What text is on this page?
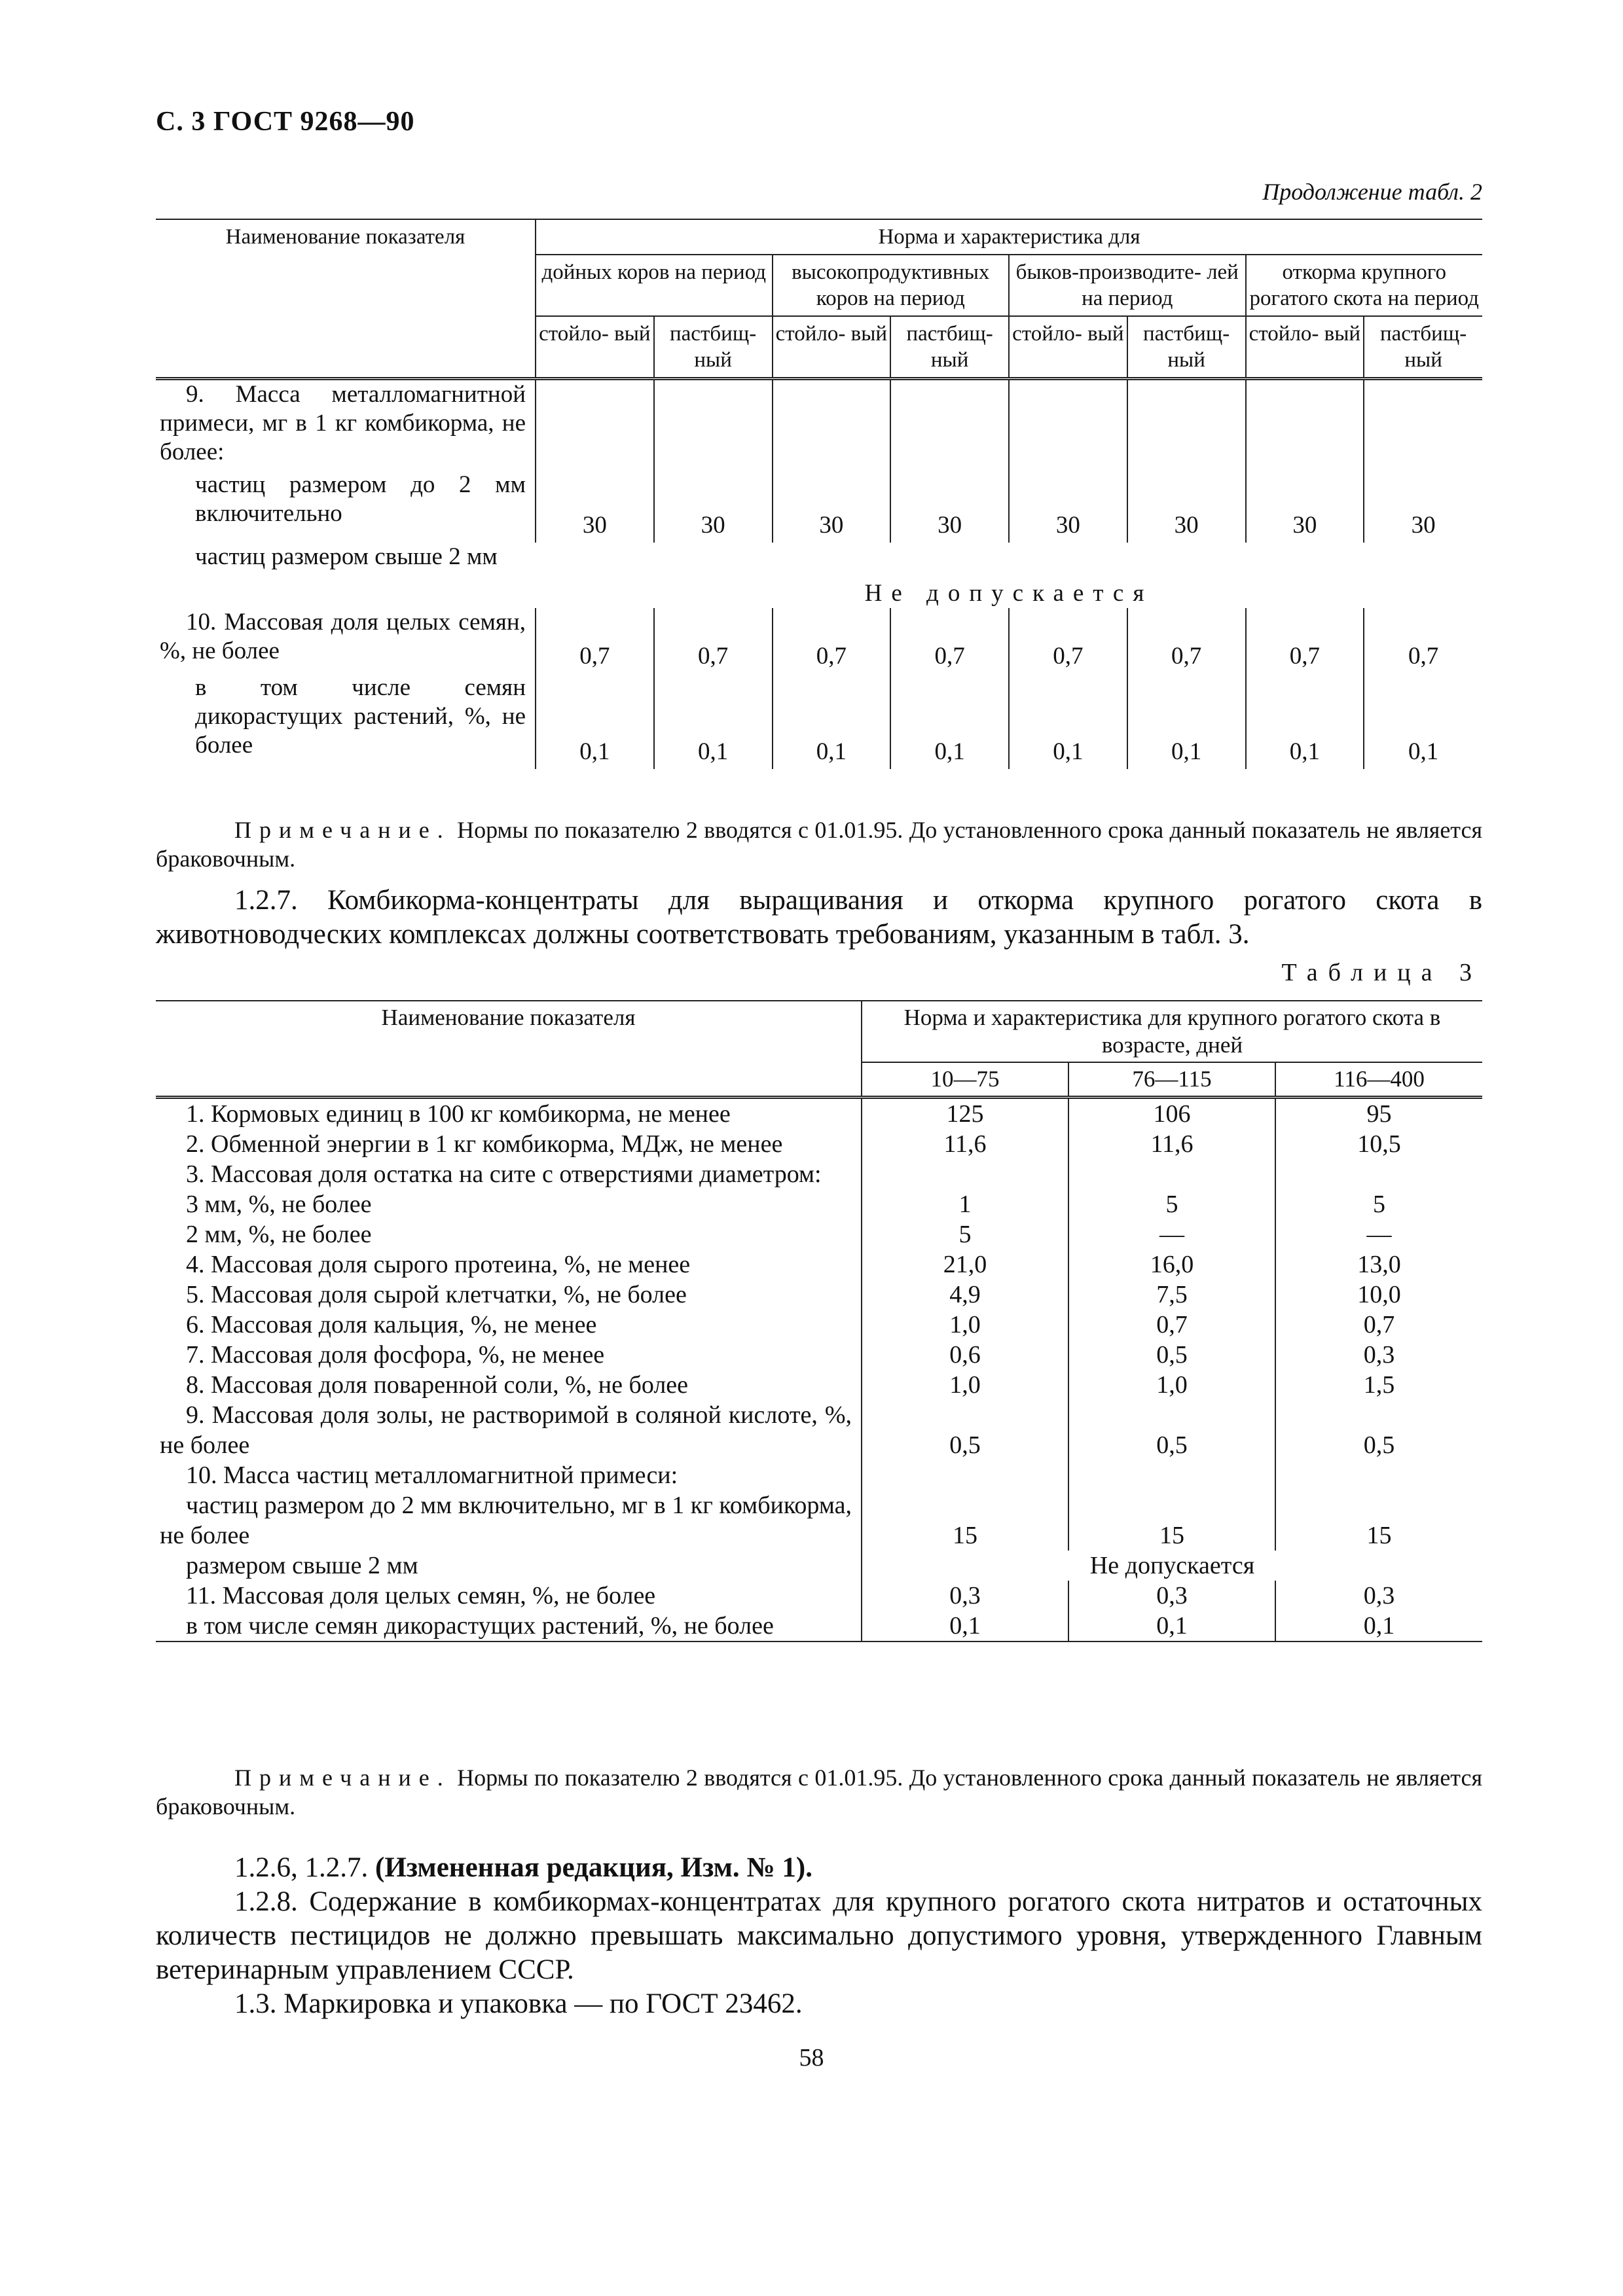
С. 3 ГОСТ 9268—90
Продолжение табл. 2
Наименование показателя	Норма и характеристика для							
	дойных коров на период		высокопродуктивных коров на период		быков-производите- лей на период		откорма крупного рогатого скота на период	
	стойло- вый	пастбищ- ный	стойло- вый	пастбищ- ный	стойло- вый	пастбищ- ный	стойло- вый	пастбищ- ный
9. Масса металломагнитной примеси, мг в 1 кг комбикорма, не более:								
частиц размером до 2 мм включительно	30	30	30	30	30	30	30	30
частиц размером свыше 2 мм	Не допускается							
10. Массовая доля целых семян, %, не более	0,7	0,7	0,7	0,7	0,7	0,7	0,7	0,7
в том числе семян дикорастущих растений, %, не более	0,1	0,1	0,1	0,1	0,1	0,1	0,1	0,1
Примечание. Нормы по показателю 2 вводятся с 01.01.95. До установленного срока данный показатель не является браковочным.
1.2.7. Комбикорма-концентраты для выращивания и откорма крупного рогатого скота в животноводческих комплексах должны соответствовать требованиям, указанным в табл. 3.
Таблица 3
Наименование показателя	Норма и характеристика для крупного рогатого скота в возрасте, дней		
	10—75	76—115	116—400
1. Кормовых единиц в 100 кг комбикорма, не менее	125	106	95
2. Обменной энергии в 1 кг комбикорма, МДж, не менее	11,6	11,6	10,5
3. Массовая доля остатка на сите с отверстиями диаметром:			
3 мм, %, не более	1	5	5
2 мм, %, не более	5	—	—
4. Массовая доля сырого протеина, %, не менее	21,0	16,0	13,0
5. Массовая доля сырой клетчатки, %, не более	4,9	7,5	10,0
6. Массовая доля кальция, %, не менее	1,0	0,7	0,7
7. Массовая доля фосфора, %, не менее	0,6	0,5	0,3
8. Массовая доля поваренной соли, %, не более	1,0	1,0	1,5
9. Массовая доля золы, не растворимой в соляной кислоте, %, не более	0,5	0,5	0,5
10. Масса частиц металломагнитной примеси:			
частиц размером до 2 мм включительно, мг в 1 кг комбикорма, не более	15	15	15
размером свыше 2 мм	Не допускается		
11. Массовая доля целых семян, %, не более	0,3	0,3	0,3
в том числе семян дикорастущих растений, %, не более	0,1	0,1	0,1
Примечание. Нормы по показателю 2 вводятся с 01.01.95. До установленного срока данный показатель не является браковочным.
1.2.6, 1.2.7. (Измененная редакция, Изм. № 1).
1.2.8. Содержание в комбикормах-концентратах для крупного рогатого скота нитратов и остаточных количеств пестицидов не должно превышать максимально допустимого уровня, утвержденного Главным ветеринарным управлением СССР.
1.3. Маркировка и упаковка — по ГОСТ 23462.
58
